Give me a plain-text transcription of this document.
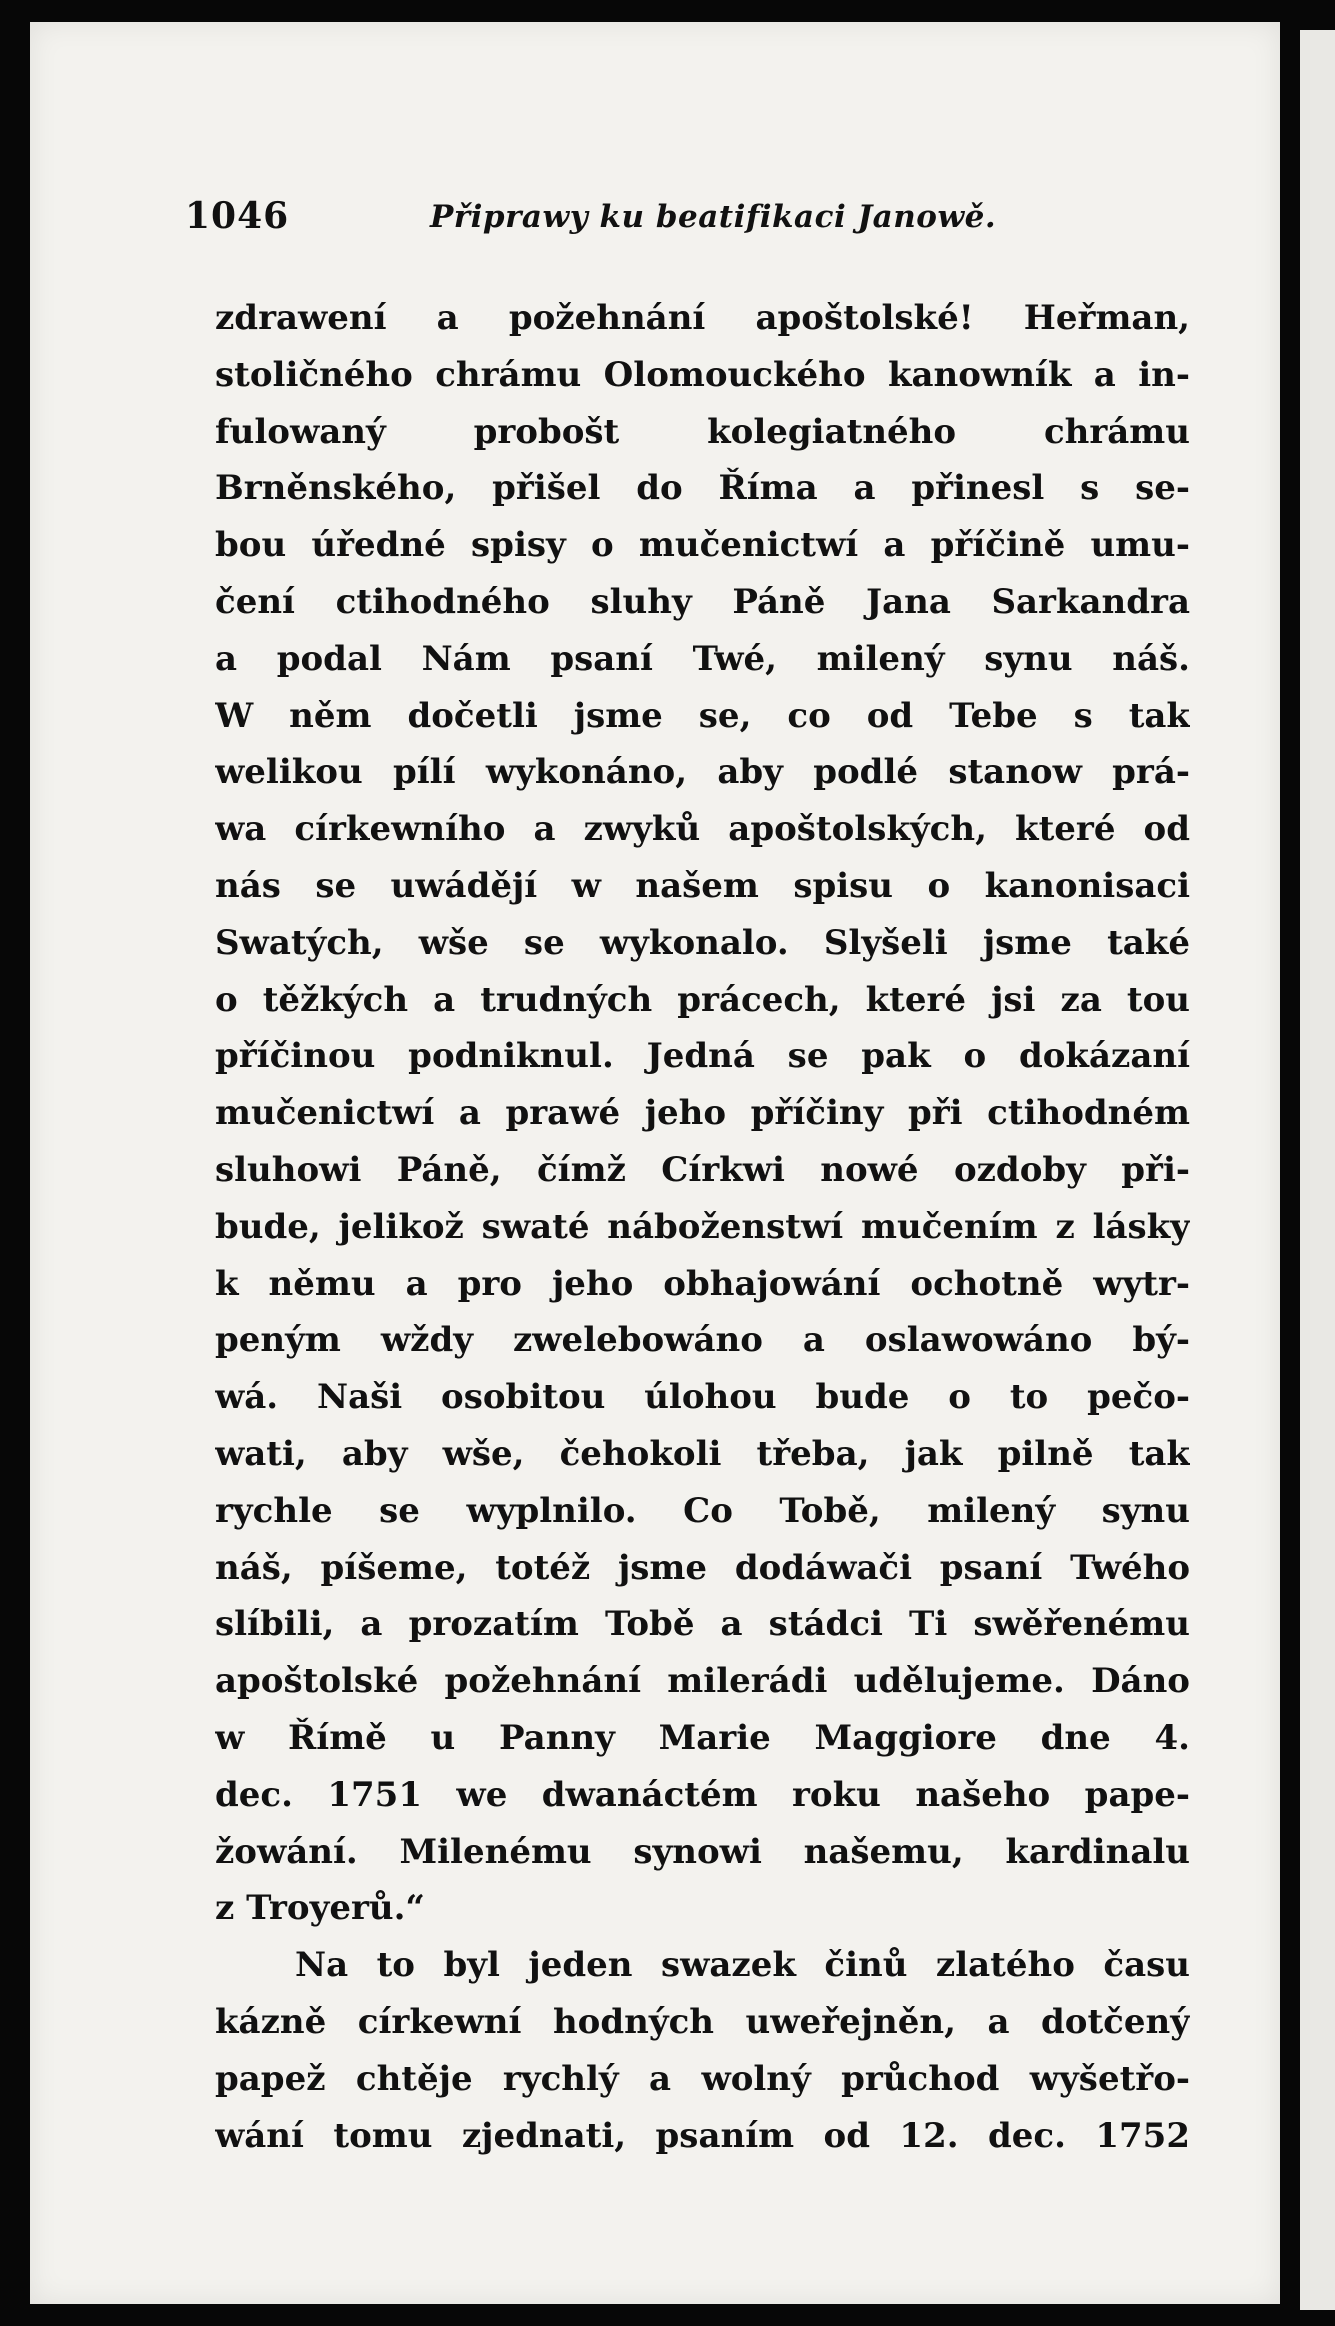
1046	Připrawy ku beatifikaci Janowě.
zdrawení a požehnání apoštolské! Heřman,
stoličného chrámu Olomouckého kanowník a in-
fulowaný probošt kolegiatného chrámu
Brněnského, přišel do Říma a přinesl s se-
bou úředné spisy o mučenictwí a příčině umu-
čení ctihodného sluhy Páně Jana Sarkandra
a podal Nám psaní Twé, milený synu náš.
W něm dočetli jsme se, co od Tebe s tak
welikou pílí wykonáno, aby podlé stanow prá-
wa církewního a zwyků apoštolských, které od
nás se uwádějí w našem spisu o kanonisaci
Swatých, wše se wykonalo. Slyšeli jsme také
o těžkých a trudných prácech, které jsi za tou
příčinou podniknul. Jedná se pak o dokázaní
mučenictwí a prawé jeho příčiny při ctihodném
sluhowi Páně, čímž Církwi nowé ozdoby při-
bude, jelikož swaté náboženstwí mučením z lásky
k němu a pro jeho obhajowání ochotně wytr-
peným wždy zwelebowáno a oslawowáno bý-
wá. Naši osobitou úlohou bude o to pečo-
wati, aby wše, čehokoli třeba, jak pilně tak
rychle se wyplnilo. Co Tobě, milený synu
náš, píšeme, totéž jsme dodáwači psaní Twého
slíbili, a prozatím Tobě a stádci Ti swěřenému
apoštolské požehnání milerádi udělujeme. Dáno
w Římě u Panny Marie Maggiore dne 4.
dec. 1751 we dwanáctém roku našeho papе-
žowání. Milenému synowi našemu, kardinalu
z Troyerů.“
Na to byl jeden swazek činů zlatého času
kázně církewní hodných uweřejněn, a dotčený
papež chtěje rychlý a wolný průchod wyšetřo-
wání tomu zjednati, psaním od 12. dec. 1752
